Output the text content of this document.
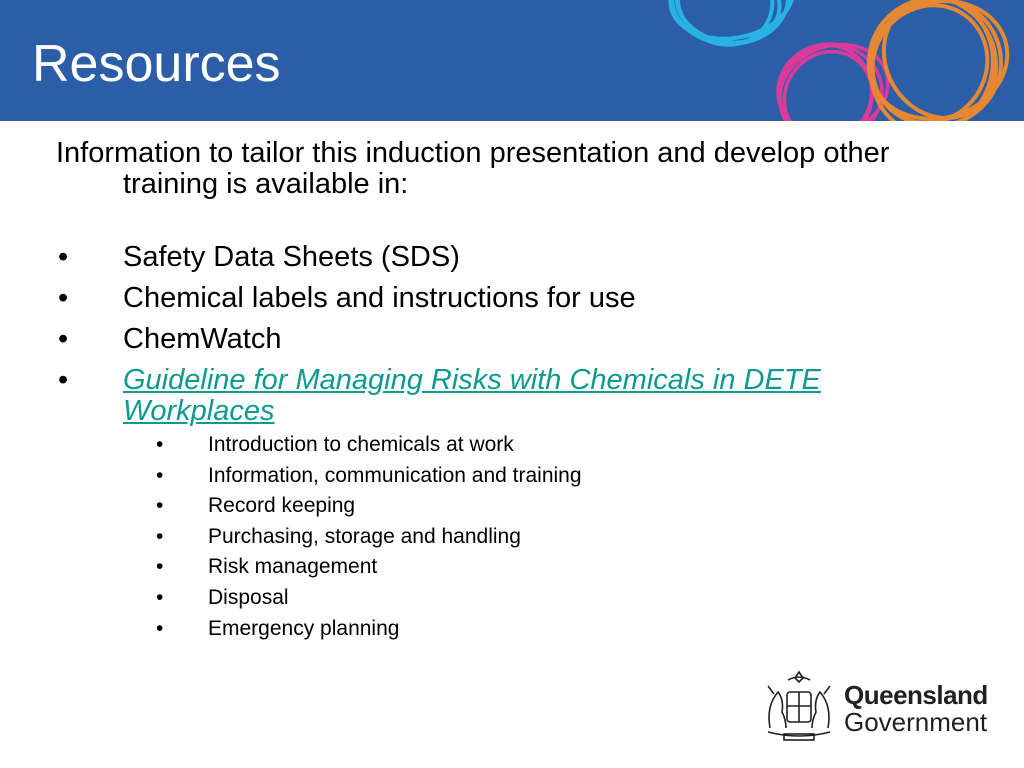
Resources

Information to tailor this induction presentation and develop other training is available in:

• Safety Data Sheets (SDS)
• Chemical labels and instructions for use
• ChemWatch
• Guideline for Managing Risks with Chemicals in DETE Workplaces
• Introduction to chemicals at work
• Information, communication and training
• Record keeping
• Purchasing, storage and handling
• Risk management
• Disposal
• Emergency planning
Queensland
Government
